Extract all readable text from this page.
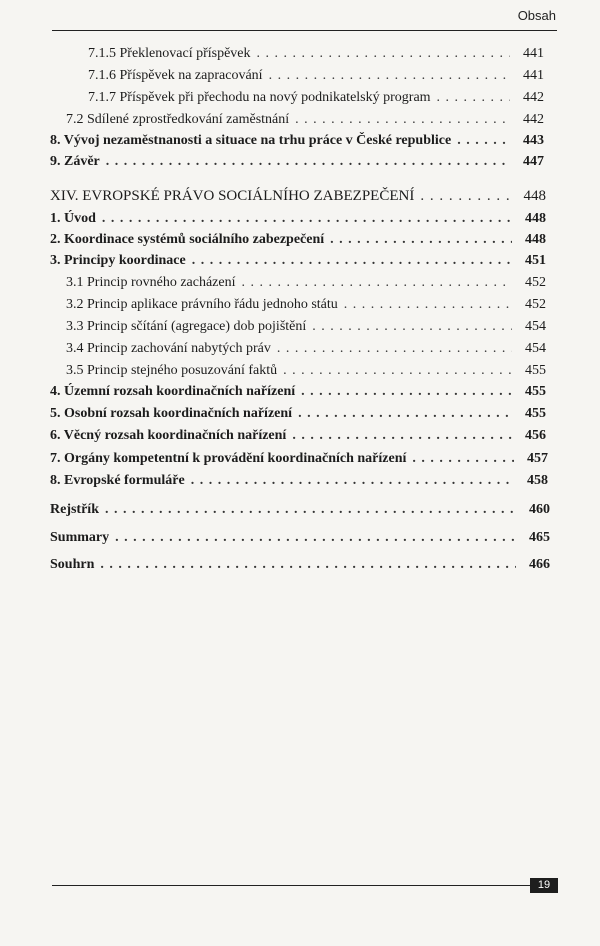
Obsah
7.1.5 Překlenovací příspěvek . . .	441
7.1.6 Příspěvek na zapracování . . .	441
7.1.7 Příspěvek při přechodu na nový podnikatelský program . . .	442
7.2 Sdílené zprostředkování zaměstnání . . .	442
8. Vývoj nezaměstnanosti a situace na trhu práce v České republice . . .	443
9. Závěr . . .	447
XIV. EVROPSKÉ PRÁVO SOCIÁLNÍHO ZABEZPEČENÍ . . .	448
1. Úvod . . .	448
2. Koordinace systémů sociálního zabezpečení . . .	448
3. Principy koordinace . . .	451
3.1 Princip rovného zacházení . . .	452
3.2 Princip aplikace právního řádu jednoho státu . . .	452
3.3 Princip sčítání (agregace) dob pojištění . . .	454
3.4 Princip zachování nabytých práv . . .	454
3.5 Princip stejného posuzování faktů . . .	455
4. Územní rozsah koordinačních nařízení . . .	455
5. Osobní rozsah koordinačních nařízení . . .	455
6. Věcný rozsah koordinačních nařízení . . .	456
7. Orgány kompetentní k provádění koordinačních nařízení . . .	457
8. Evropské formuláře . . .	458
Rejstřík . . .	460
Summary . . .	465
Souhrn . . .	466
19
